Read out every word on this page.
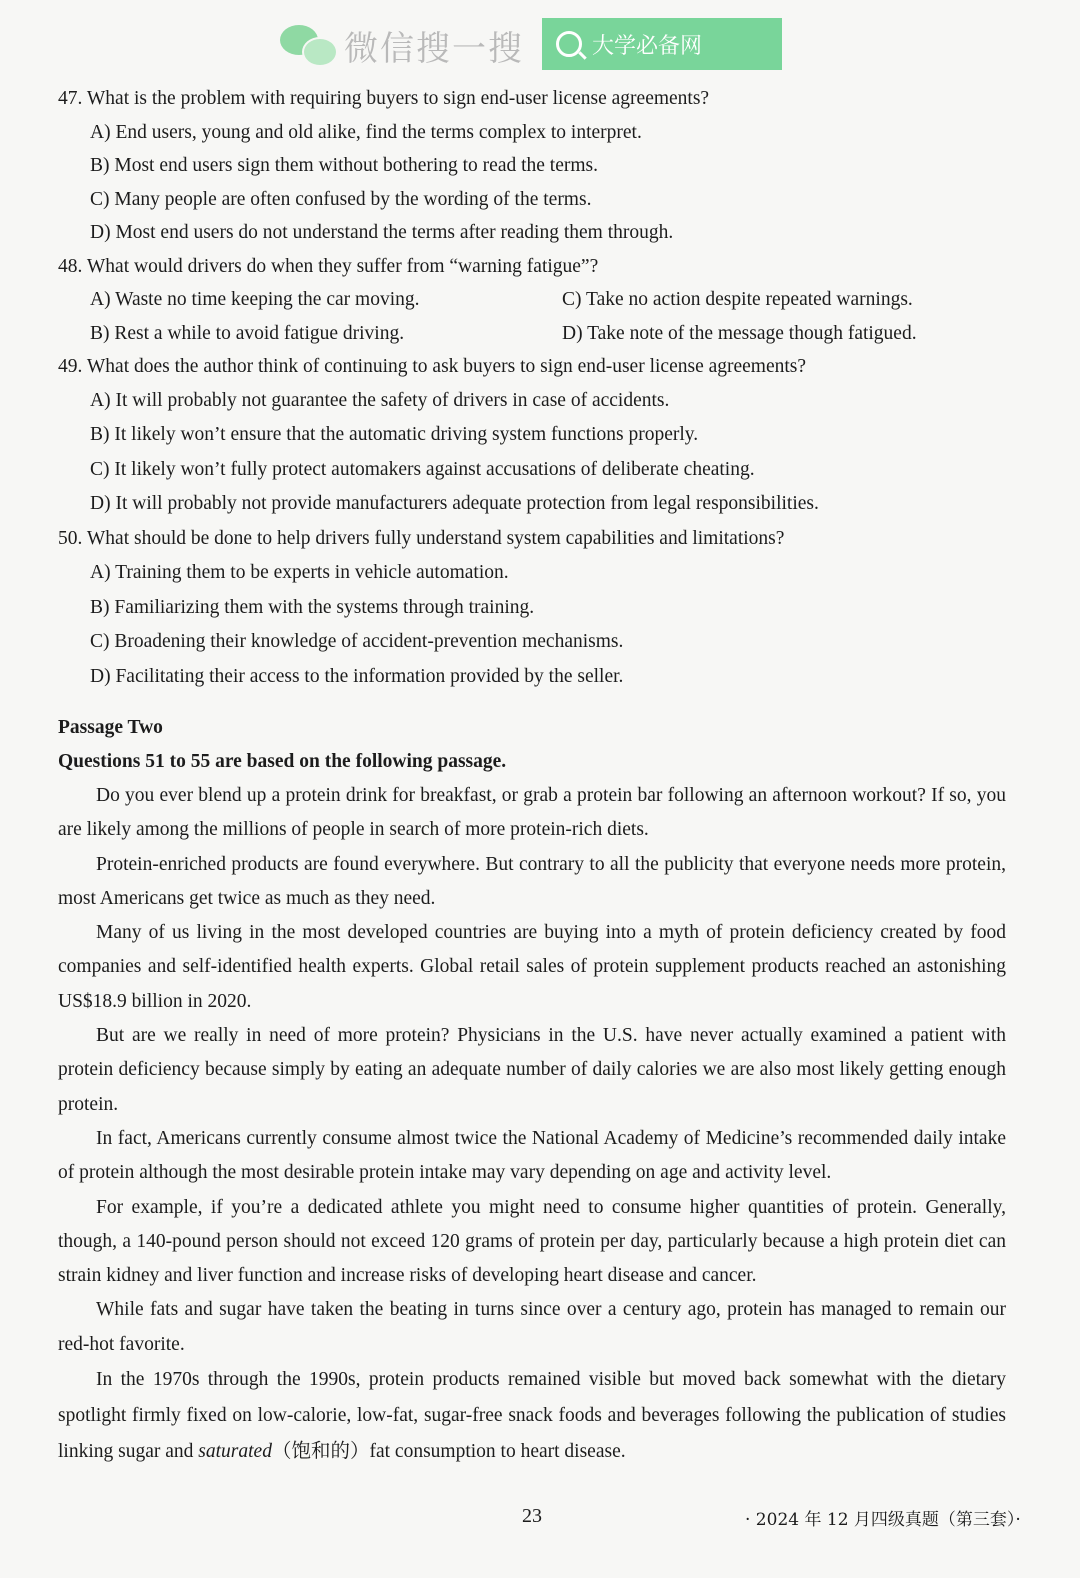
微信搜一搜	大学必备网
47. What is the problem with requiring buyers to sign end-user license agreements?
A) End users, young and old alike, find the terms complex to interpret.
B) Most end users sign them without bothering to read the terms.
C) Many people are often confused by the wording of the terms.
D) Most end users do not understand the terms after reading them through.
48. What would drivers do when they suffer from “warning fatigue”?
A) Waste no time keeping the car moving.	C) Take no action despite repeated warnings.
B) Rest a while to avoid fatigue driving.	D) Take note of the message though fatigued.
49. What does the author think of continuing to ask buyers to sign end-user license agreements?
A) It will probably not guarantee the safety of drivers in case of accidents.
B) It likely won’t ensure that the automatic driving system functions properly.
C) It likely won’t fully protect automakers against accusations of deliberate cheating.
D) It will probably not provide manufacturers adequate protection from legal responsibilities.
50. What should be done to help drivers fully understand system capabilities and limitations?
A) Training them to be experts in vehicle automation.
B) Familiarizing them with the systems through training.
C) Broadening their knowledge of accident-prevention mechanisms.
D) Facilitating their access to the information provided by the seller.
Passage Two
Questions 51 to 55 are based on the following passage.

Do you ever blend up a protein drink for breakfast, or grab a protein bar following an afternoon workout? If so, you are likely among the millions of people in search of more protein-rich diets.

Protein-enriched products are found everywhere. But contrary to all the publicity that everyone needs more protein, most Americans get twice as much as they need.

Many of us living in the most developed countries are buying into a myth of protein deficiency created by food companies and self-identified health experts. Global retail sales of protein supplement products reached an astonishing US$18.9 billion in 2020.

But are we really in need of more protein? Physicians in the U.S. have never actually examined a patient with protein deficiency because simply by eating an adequate number of daily calories we are also most likely getting enough protein.

In fact, Americans currently consume almost twice the National Academy of Medicine’s recommended daily intake of protein although the most desirable protein intake may vary depending on age and activity level.

For example, if you’re a dedicated athlete you might need to consume higher quantities of protein. Generally, though, a 140-pound person should not exceed 120 grams of protein per day, particularly because a high protein diet can strain kidney and liver function and increase risks of developing heart disease and cancer.

While fats and sugar have taken the beating in turns since over a century ago, protein has managed to remain our red-hot favorite.

In the 1970s through the 1990s, protein products remained visible but moved back somewhat with the dietary spotlight firmly fixed on low-calorie, low-fat, sugar-free snack foods and beverages following the publication of studies linking sugar and saturated（饱和的）fat consumption to heart disease.

23	· 2024 年 12 月四级真题（第三套）·
